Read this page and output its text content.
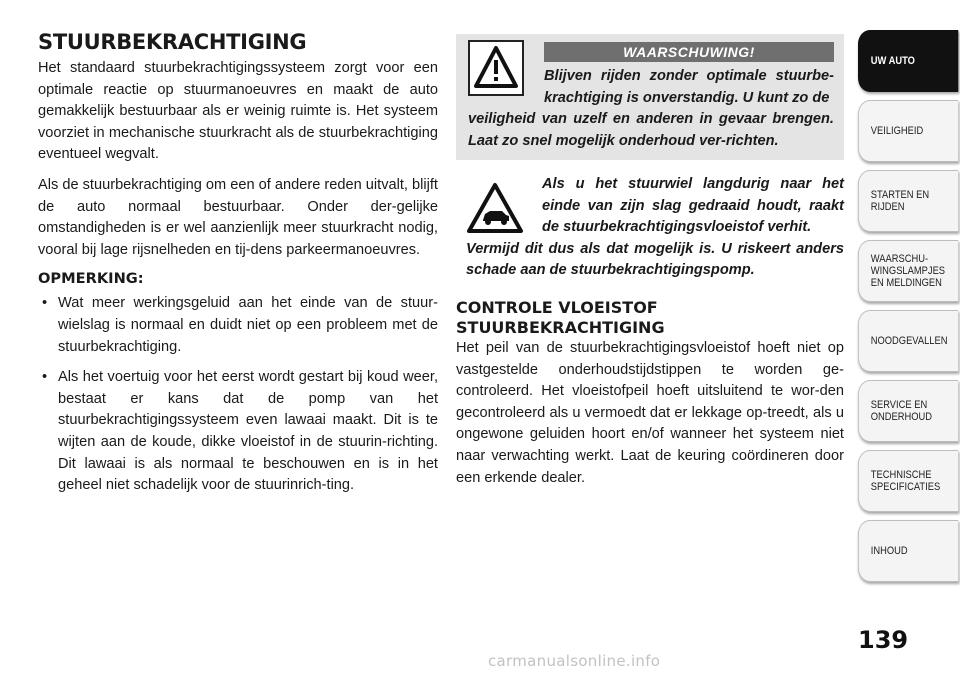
STUURBEKRACHTIGING

Het standaard stuurbekrachtigingssysteem zorgt voor een optimale reactie op stuurmanoeuvres en maakt de auto gemakkelijk bestuurbaar als er weinig ruimte is. Het systeem voorziet in mechanische stuurkracht als de stuurbekrachtiging eventueel wegvalt.

Als de stuurbekrachtiging om een of andere reden uitvalt, blijft de auto normaal bestuurbaar. Onder der-gelijke omstandigheden is er wel aanzienlijk meer stuurkracht nodig, vooral bij lage rijsnelheden en tij-dens parkeermanoeuvres.

OPMERKING:
• Wat meer werkingsgeluid aan het einde van de stuur-wielslag is normaal en duidt niet op een probleem met de stuurbekrachtiging.
• Als het voertuig voor het eerst wordt gestart bij koud weer, bestaat er kans dat de pomp van het stuurbekrachtigingssysteem even lawaai maakt. Dit is te wijten aan de koude, dikke vloeistof in de stuurin-richting. Dit lawaai is als normaal te beschouwen en is in het geheel niet schadelijk voor de stuurinrich-ting.
WAARSCHUWING!
Blijven rijden zonder optimale stuurbe-krachtiging is onverstandig. U kunt zo de
veiligheid van uzelf en anderen in gevaar brengen. Laat zo snel mogelijk onderhoud ver-richten.
Als u het stuurwiel langdurig naar het einde van zijn slag gedraaid houdt, raakt de stuurbekrachtigingsvloeistof verhit.
Vermijd dit dus als dat mogelijk is. U riskeert anders schade aan de stuurbekrachtigingspomp.
CONTROLE VLOEISTOF
STUURBEKRACHTIGING

Het peil van de stuurbekrachtigingsvloeistof hoeft niet op vastgestelde onderhoudstijdstippen te worden ge-controleerd. Het vloeistofpeil hoeft uitsluitend te wor-den gecontroleerd als u vermoedt dat er lekkage op-treedt, als u ongewone geluiden hoort en/of wanneer het systeem niet naar verwachting werkt. Laat de keuring coördineren door een erkende dealer.

UW AUTO
VEILIGHEID
STARTEN EN RIJDEN
WAARSCHU-WINGSLAMPJES EN MELDINGEN
NOODGEVALLEN
SERVICE EN ONDERHOUD
TECHNISCHE SPECIFICATIES
INHOUD
139
carmanualsonline.info
